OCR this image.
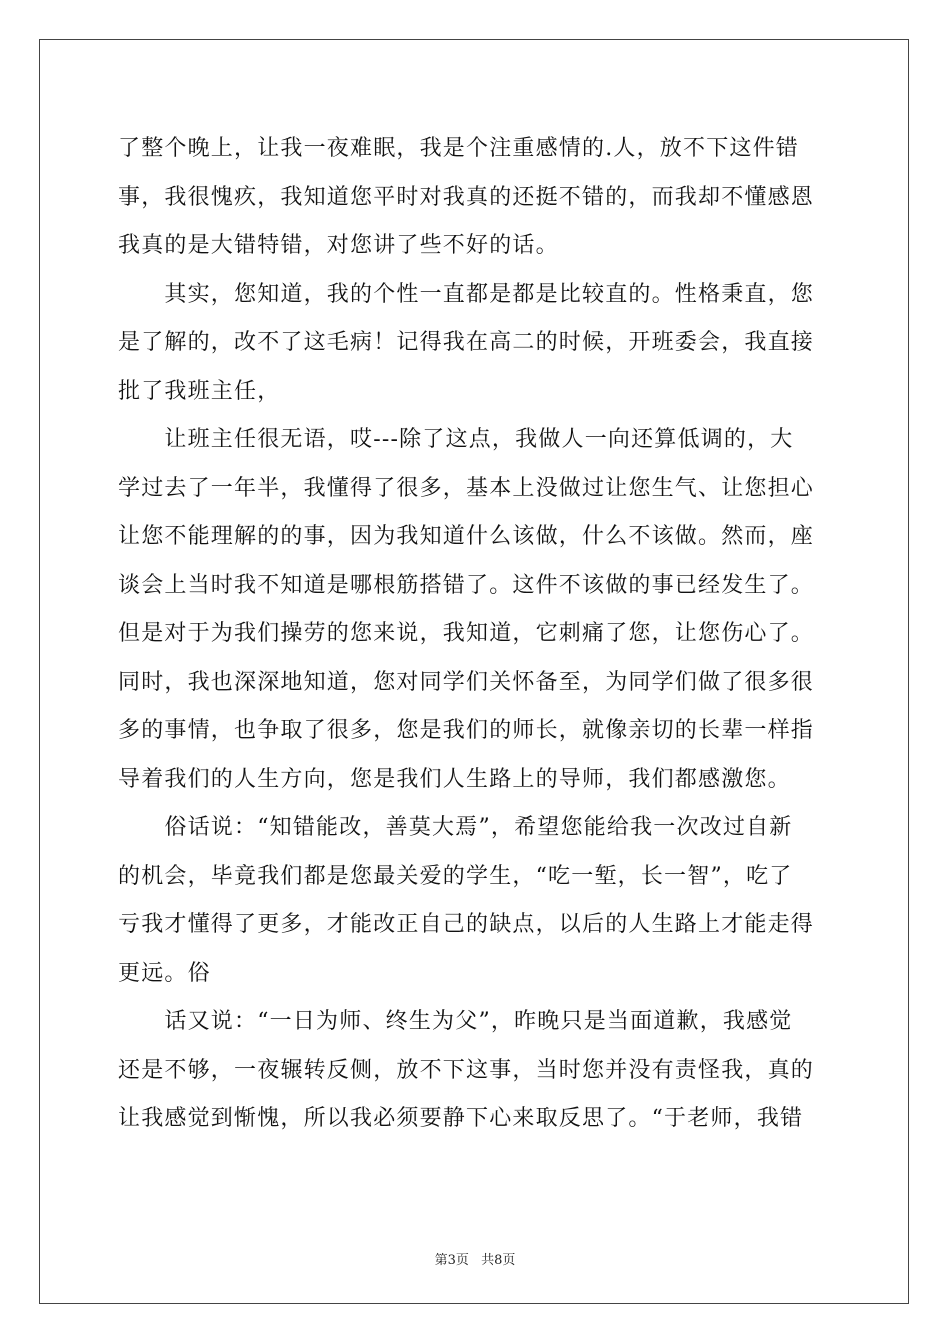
了整个晚上，让我一夜难眠，我是个注重感情的.人，放不下这件错
事，我很愧疚，我知道您平时对我真的还挺不错的，而我却不懂感恩
我真的是大错特错，对您讲了些不好的话。
　　其实，您知道，我的个性一直都是都是比较直的。性格秉直，您
是了解的，改不了这毛病！记得我在高二的时候，开班委会，我直接
批了我班主任，
　　让班主任很无语，哎---除了这点，我做人一向还算低调的，大
学过去了一年半，我懂得了很多，基本上没做过让您生气、让您担心
让您不能理解的的事，因为我知道什么该做，什么不该做。然而，座
谈会上当时我不知道是哪根筋搭错了。这件不该做的事已经发生了。
但是对于为我们操劳的您来说，我知道，它刺痛了您，让您伤心了。
同时，我也深深地知道，您对同学们关怀备至，为同学们做了很多很
多的事情，也争取了很多，您是我们的师长，就像亲切的长辈一样指
导着我们的人生方向，您是我们人生路上的导师，我们都感激您。
　　俗话说：“知错能改，善莫大焉”，希望您能给我一次改过自新
的机会，毕竟我们都是您最关爱的学生，“吃一堑，长一智”，吃了
亏我才懂得了更多，才能改正自己的缺点，以后的人生路上才能走得
更远。俗
　　话又说：“一日为师、终生为父”，昨晚只是当面道歉，我感觉
还是不够，一夜辗转反侧，放不下这事，当时您并没有责怪我，真的
让我感觉到惭愧，所以我必须要静下心来取反思了。“于老师，我错
第3页 共8页
